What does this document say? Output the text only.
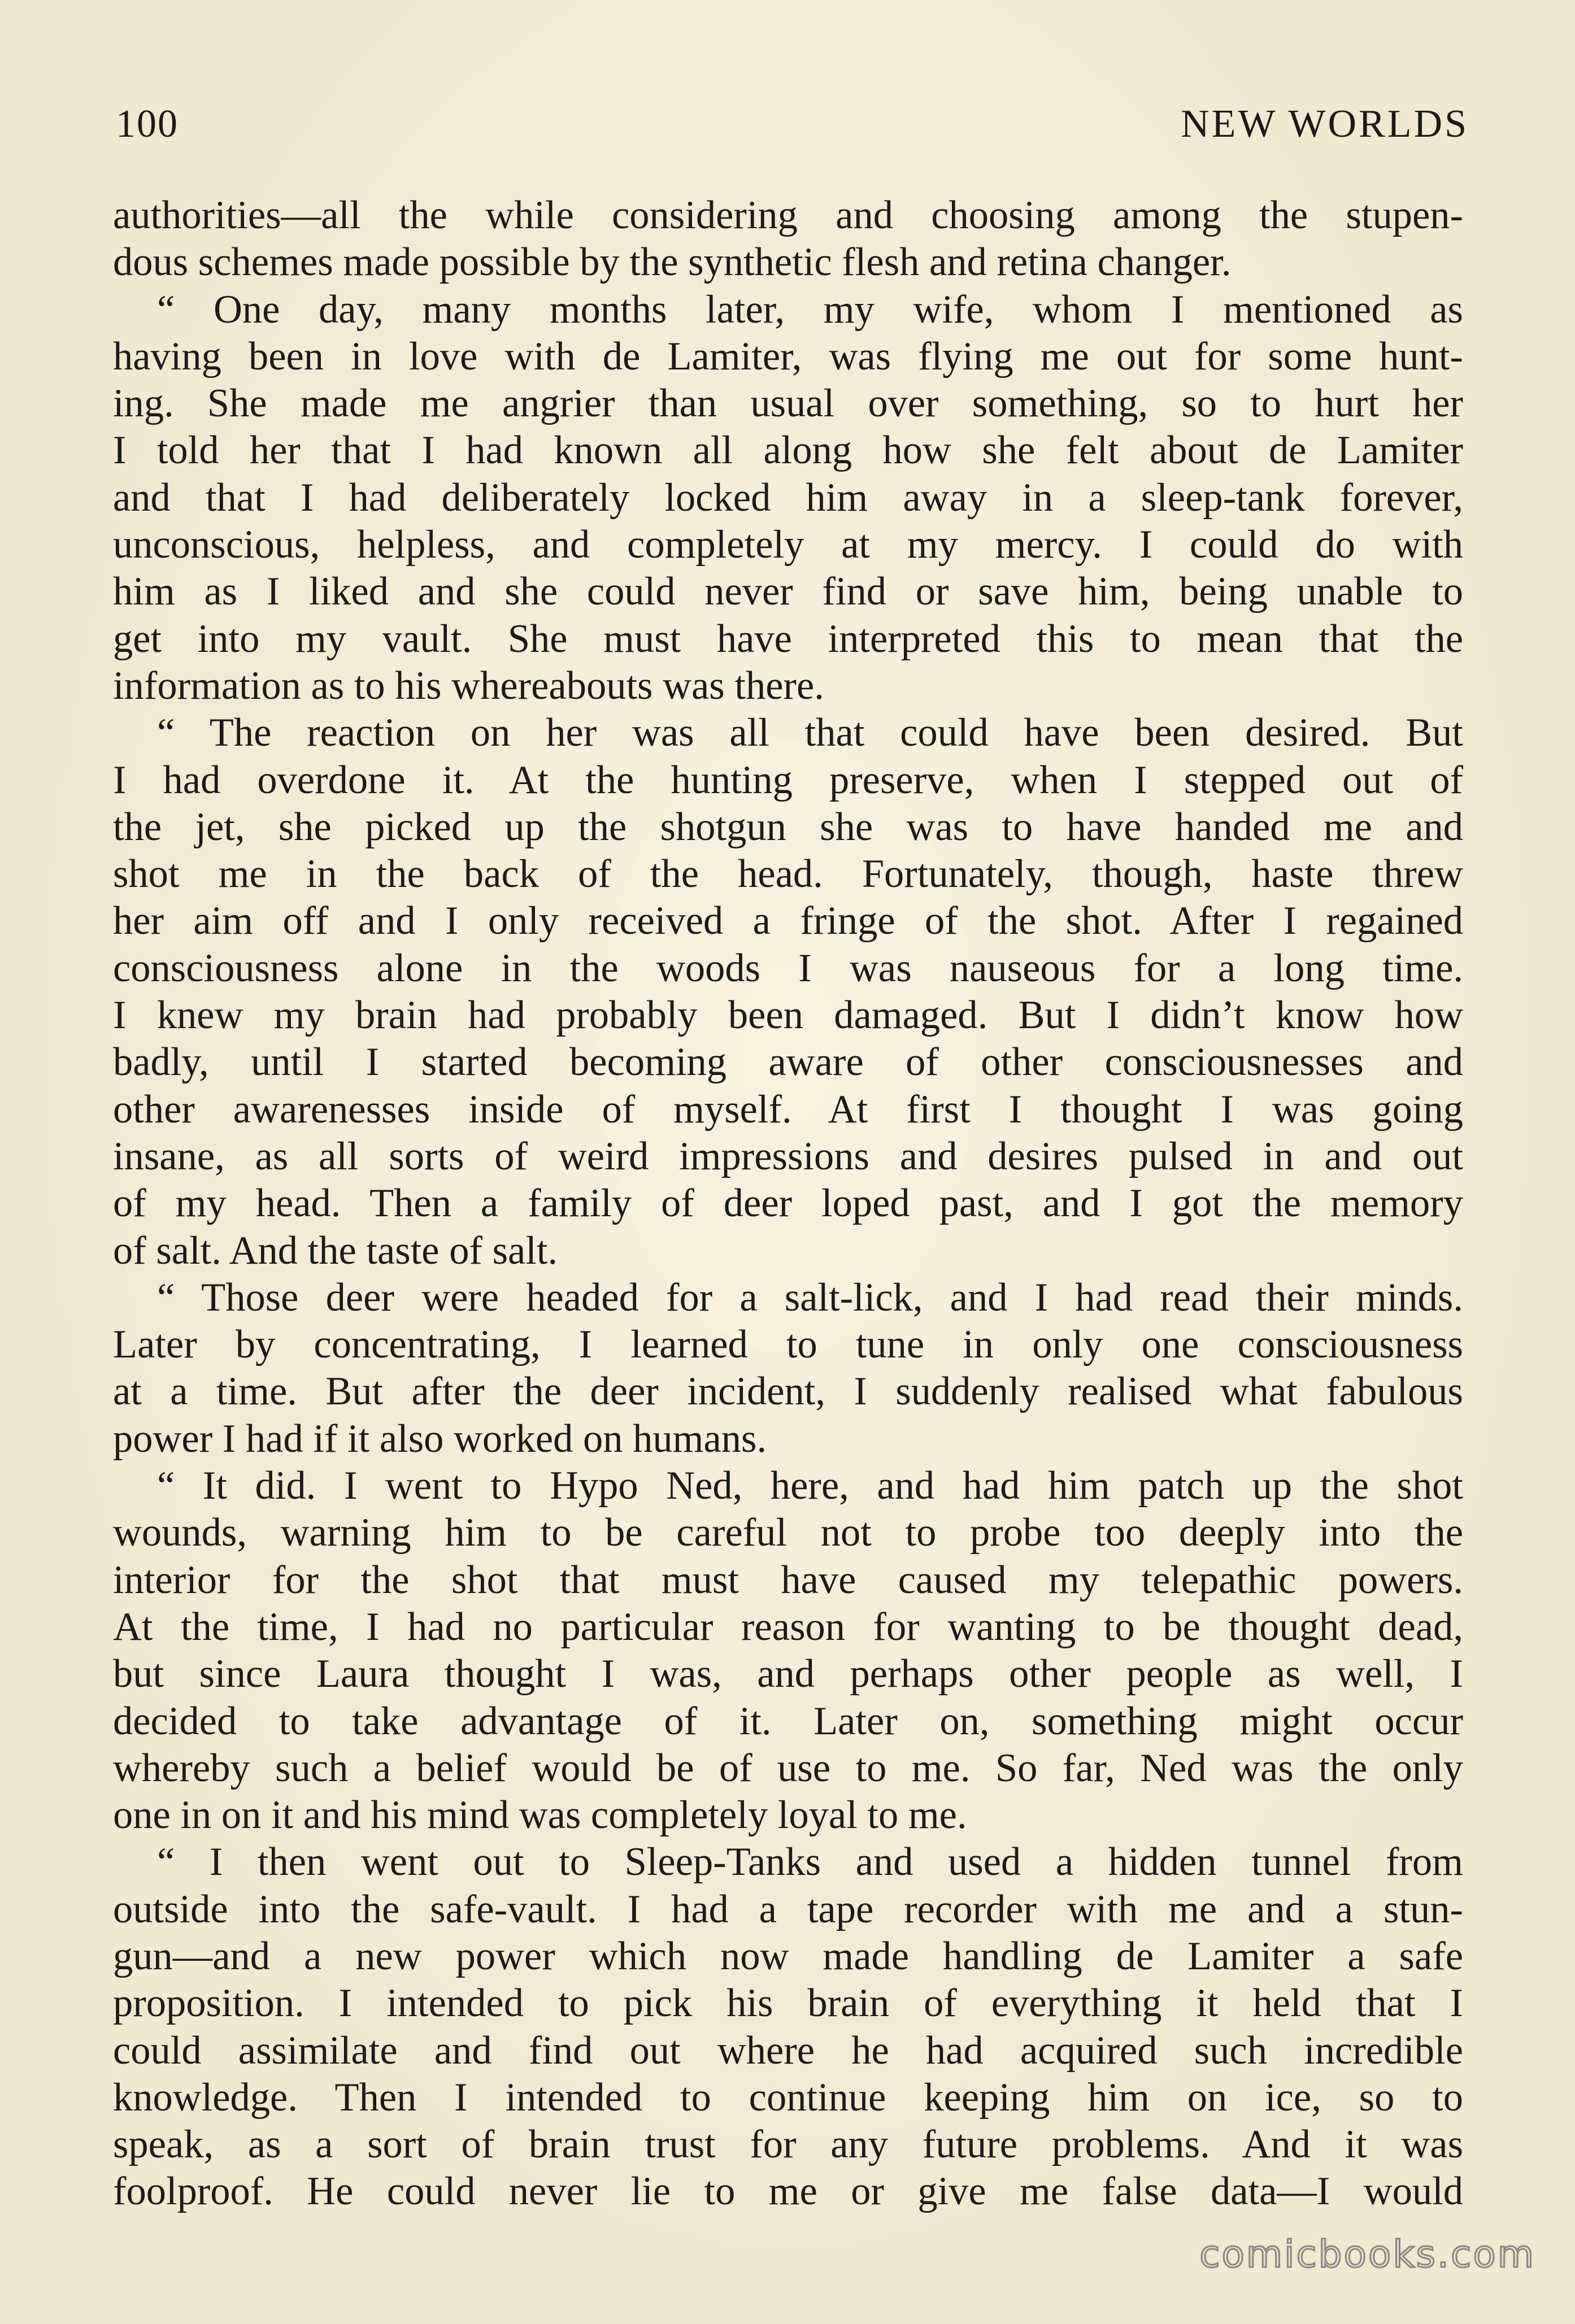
100	NEW WORLDS
authorities—all the while considering and choosing among the stupen-
dous schemes made possible by the synthetic flesh and retina changer.
“ One day, many months later, my wife, whom I mentioned as
having been in love with de Lamiter, was flying me out for some hunt-
ing. She made me angrier than usual over something, so to hurt her
I told her that I had known all along how she felt about de Lamiter
and that I had deliberately locked him away in a sleep-tank forever,
unconscious, helpless, and completely at my mercy. I could do with
him as I liked and she could never find or save him, being unable to
get into my vault. She must have interpreted this to mean that the
information as to his whereabouts was there.
“ The reaction on her was all that could have been desired. But
I had overdone it. At the hunting preserve, when I stepped out of
the jet, she picked up the shotgun she was to have handed me and
shot me in the back of the head. Fortunately, though, haste threw
her aim off and I only received a fringe of the shot. After I regained
consciousness alone in the woods I was nauseous for a long time.
I knew my brain had probably been damaged. But I didn’t know how
badly, until I started becoming aware of other consciousnesses and
other awarenesses inside of myself. At first I thought I was going
insane, as all sorts of weird impressions and desires pulsed in and out
of my head. Then a family of deer loped past, and I got the memory
of salt. And the taste of salt.
“ Those deer were headed for a salt-lick, and I had read their minds.
Later by concentrating, I learned to tune in only one consciousness
at a time. But after the deer incident, I suddenly realised what fabulous
power I had if it also worked on humans.
“ It did. I went to Hypo Ned, here, and had him patch up the shot
wounds, warning him to be careful not to probe too deeply into the
interior for the shot that must have caused my telepathic powers.
At the time, I had no particular reason for wanting to be thought dead,
but since Laura thought I was, and perhaps other people as well, I
decided to take advantage of it. Later on, something might occur
whereby such a belief would be of use to me. So far, Ned was the only
one in on it and his mind was completely loyal to me.
“ I then went out to Sleep-Tanks and used a hidden tunnel from
outside into the safe-vault. I had a tape recorder with me and a stun-
gun—and a new power which now made handling de Lamiter a safe
proposition. I intended to pick his brain of everything it held that I
could assimilate and find out where he had acquired such incredible
knowledge. Then I intended to continue keeping him on ice, so to
speak, as a sort of brain trust for any future problems. And it was
foolproof. He could never lie to me or give me false data—I would
comicbooks.com
